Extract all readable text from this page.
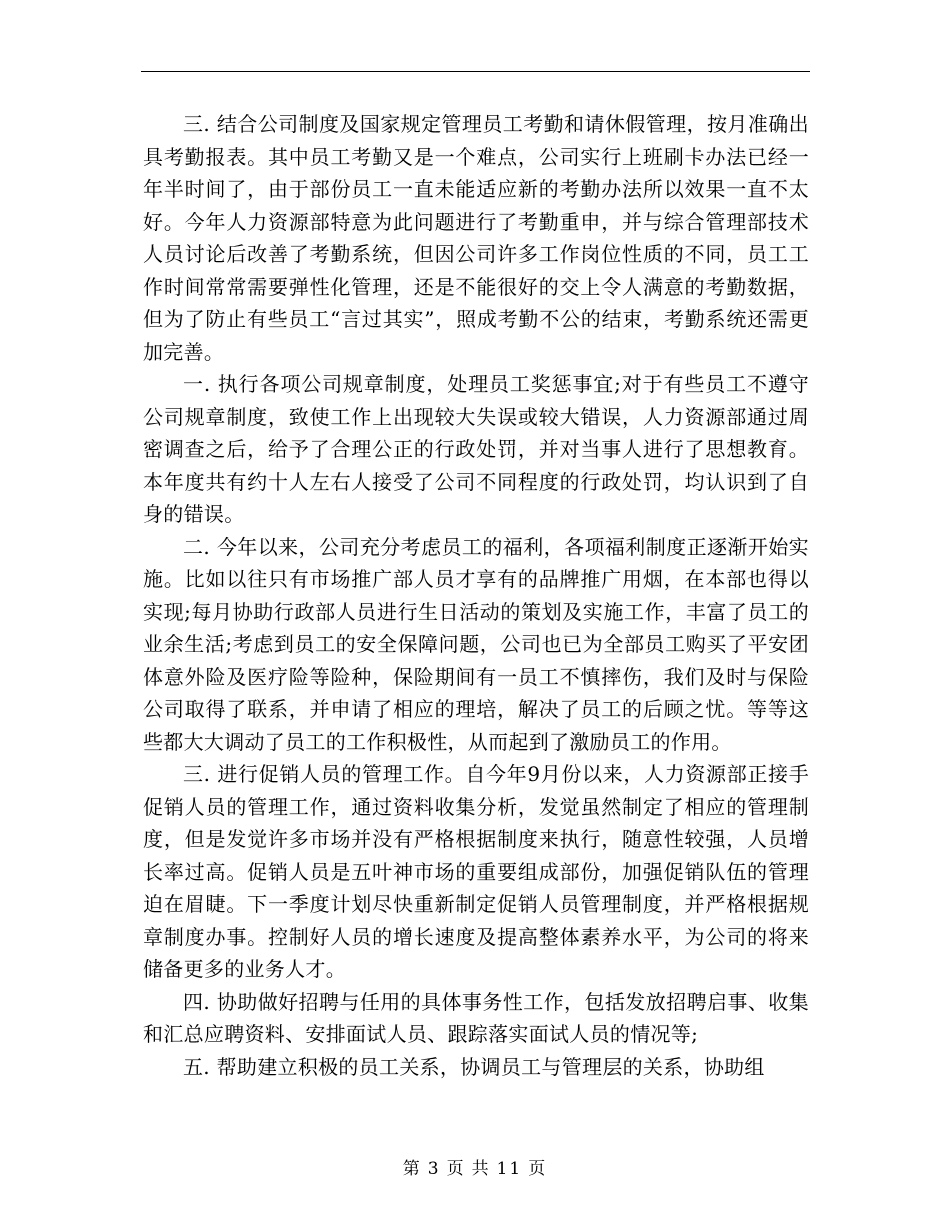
三. 结合公司制度及国家规定管理员工考勤和请休假管理，按月准确出具考勤报表。其中员工考勤又是一个难点，公司实行上班刷卡办法已经一年半时间了，由于部份员工一直未能适应新的考勤办法所以效果一直不太好。今年人力资源部特意为此问题进行了考勤重申，并与综合管理部技术人员讨论后改善了考勤系统，但因公司许多工作岗位性质的不同，员工工作时间常常需要弹性化管理，还是不能很好的交上令人满意的考勤数据，但为了防止有些员工“言过其实”，照成考勤不公的结束，考勤系统还需更加完善。

一. 执行各项公司规章制度，处理员工奖惩事宜;对于有些员工不遵守公司规章制度，致使工作上出现较大失误或较大错误，人力资源部通过周密调查之后，给予了合理公正的行政处罚，并对当事人进行了思想教育。本年度共有约十人左右人接受了公司不同程度的行政处罚，均认识到了自身的错误。

二. 今年以来，公司充分考虑员工的福利，各项福利制度正逐渐开始实施。比如以往只有市场推广部人员才享有的品牌推广用烟，在本部也得以实现;每月协助行政部人员进行生日活动的策划及实施工作，丰富了员工的业余生活;考虑到员工的安全保障问题，公司也已为全部员工购买了平安团体意外险及医疗险等险种，保险期间有一员工不慎摔伤，我们及时与保险公司取得了联系，并申请了相应的理培，解决了员工的后顾之忧。等等这些都大大调动了员工的工作积极性，从而起到了激励员工的作用。

三. 进行促销人员的管理工作。自今年9月份以来，人力资源部正接手促销人员的管理工作，通过资料收集分析，发觉虽然制定了相应的管理制度，但是发觉许多市场并没有严格根据制度来执行，随意性较强，人员增长率过高。促销人员是五叶神市场的重要组成部份，加强促销队伍的管理迫在眉睫。下一季度计划尽快重新制定促销人员管理制度，并严格根据规章制度办事。控制好人员的增长速度及提高整体素养水平，为公司的将来储备更多的业务人才。

四. 协助做好招聘与任用的具体事务性工作，包括发放招聘启事、收集和汇总应聘资料、安排面试人员、跟踪落实面试人员的情况等;

五. 帮助建立积极的员工关系，协调员工与管理层的关系，协助组

第 3 页 共 11 页
